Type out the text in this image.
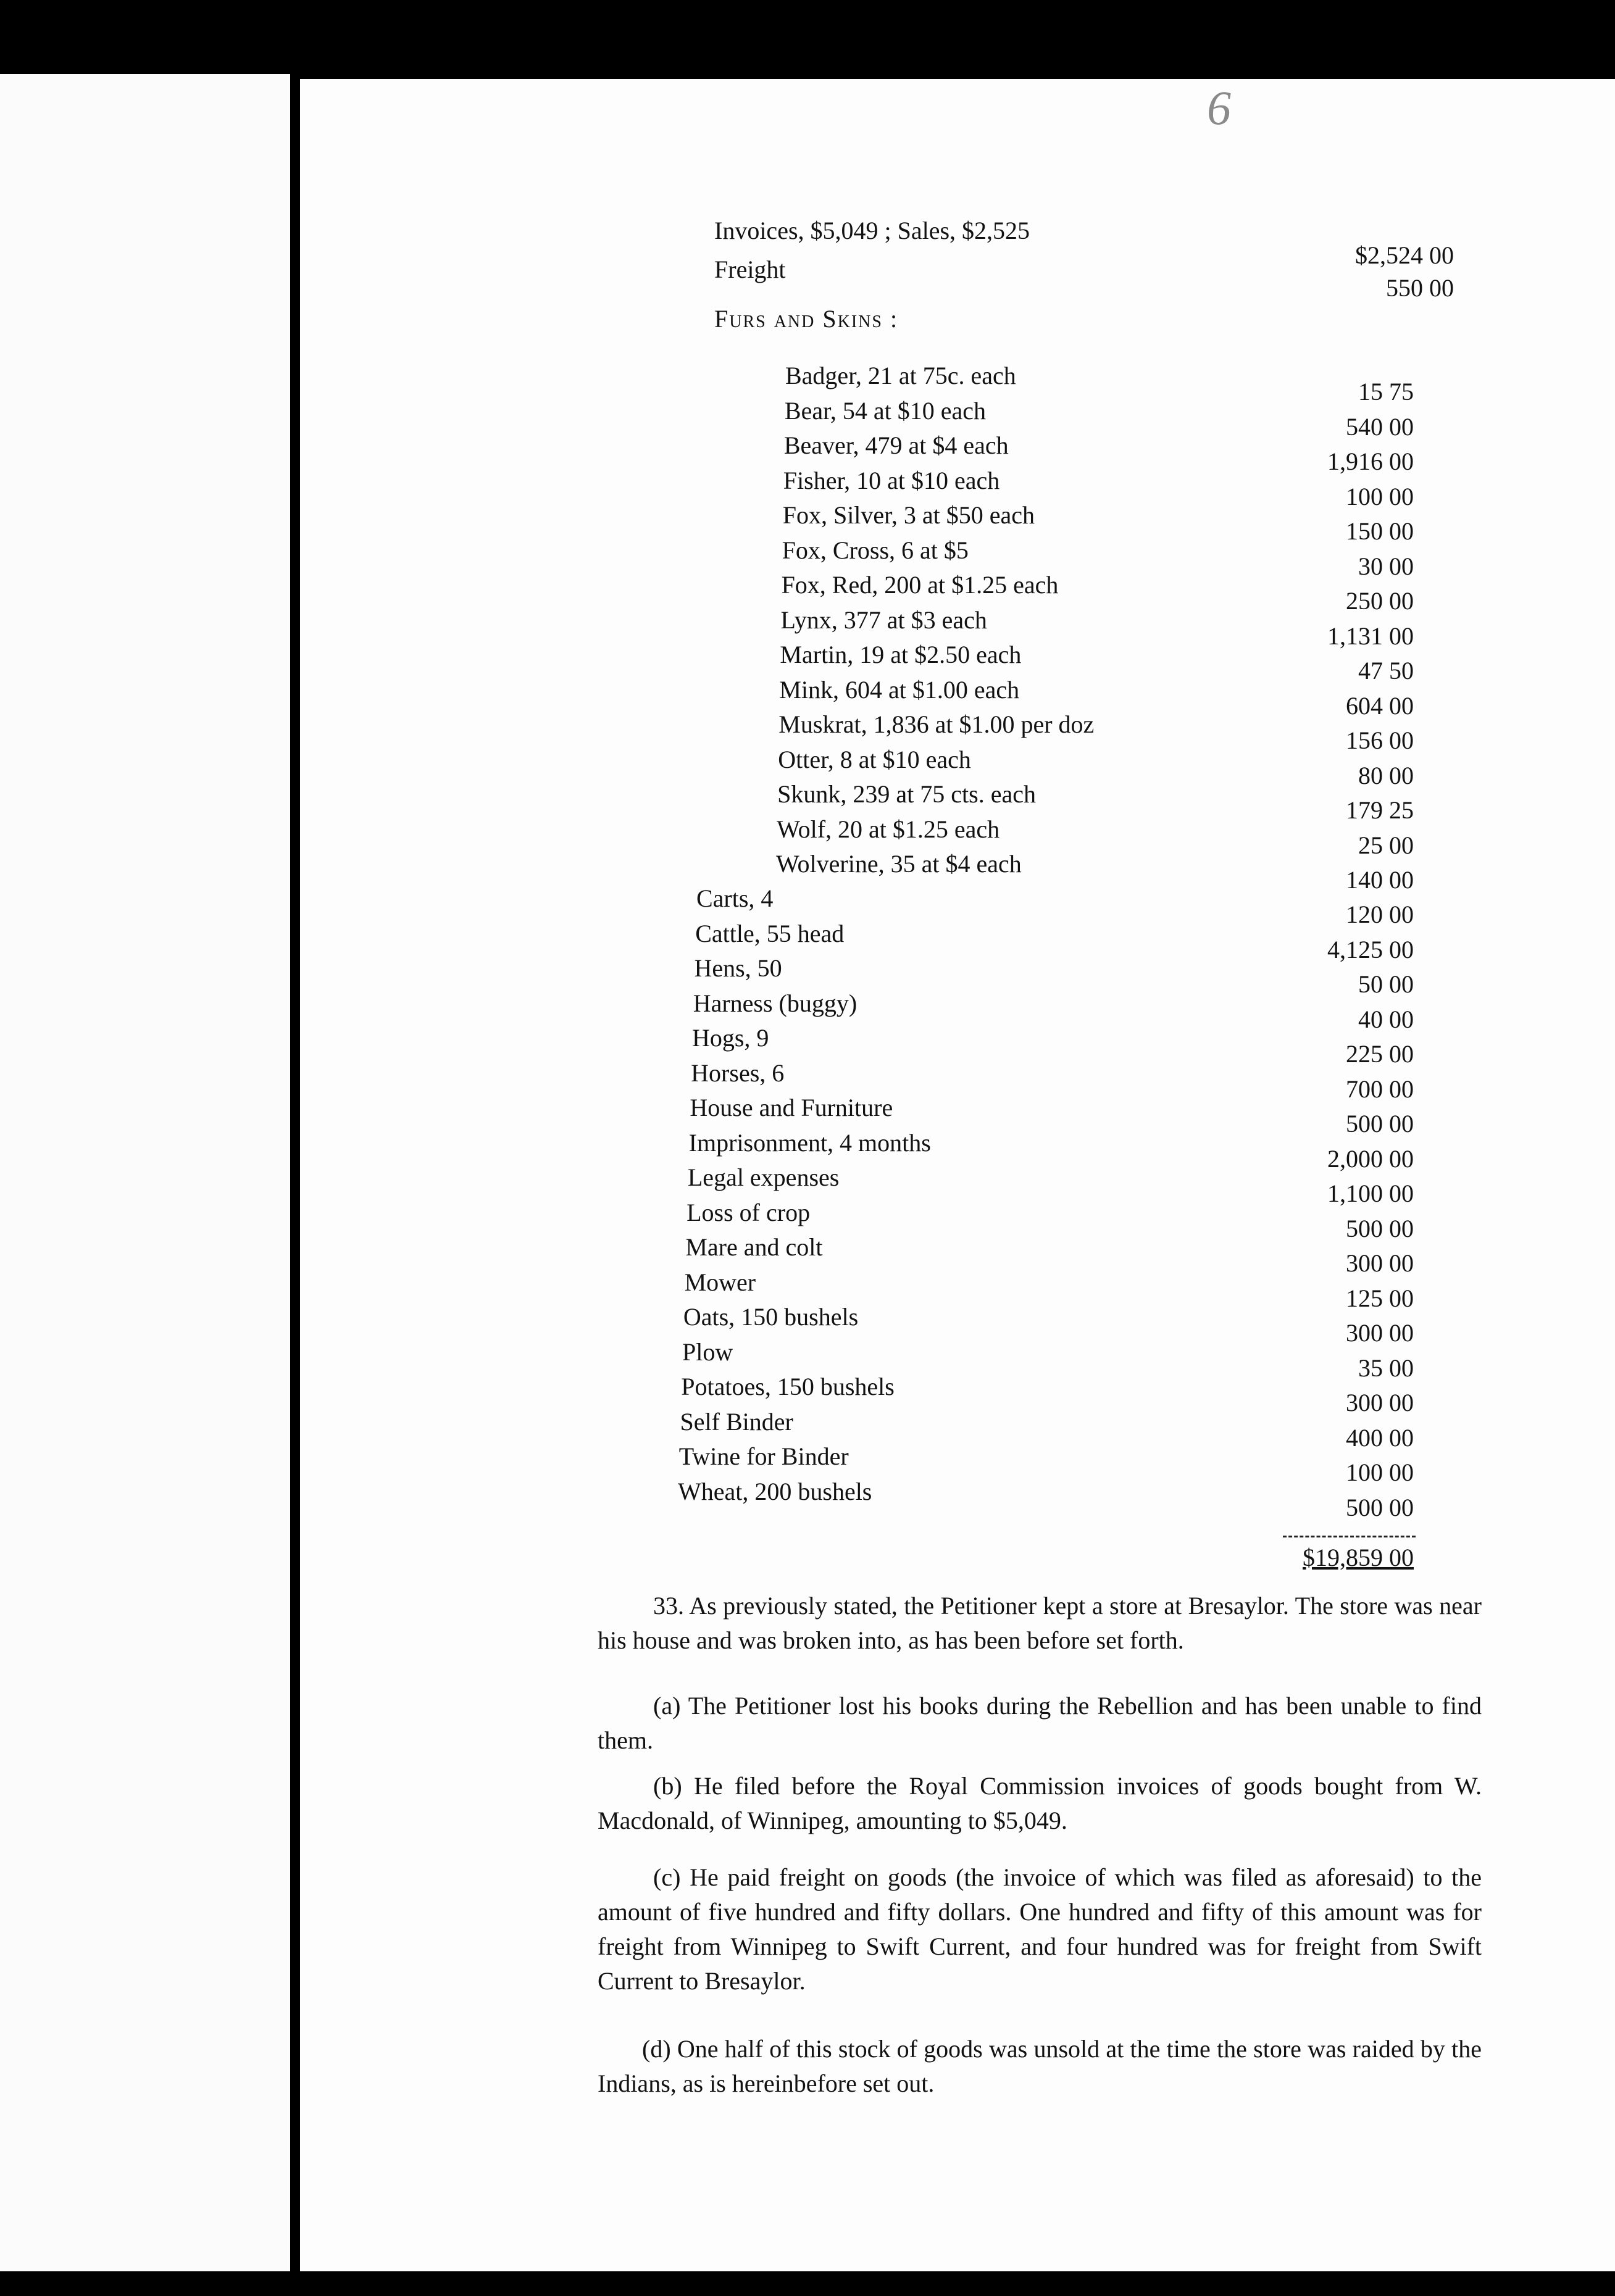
6
Invoices, $5,049 ; Sales, $2,525
$2,524 00
Freight
550 00
Furs and Skins :
Badger, 21 at 75c. each
15 75
Bear, 54 at $10 each
540 00
Beaver, 479 at $4 each
1,916 00
Fisher, 10 at $10 each
100 00
Fox, Silver, 3 at $50 each
150 00
Fox, Cross, 6 at $5
30 00
Fox, Red, 200 at $1.25 each
250 00
Lynx, 377 at $3 each
1,131 00
Martin, 19 at $2.50 each
47 50
Mink, 604 at $1.00 each
604 00
Muskrat, 1,836 at $1.00 per doz
156 00
Otter, 8 at $10 each
80 00
Skunk, 239 at 75 cts. each
179 25
Wolf, 20 at $1.25 each
25 00
Wolverine, 35 at $4 each
140 00
Carts, 4
120 00
Cattle, 55 head
4,125 00
Hens, 50
50 00
Harness (buggy)
40 00
Hogs, 9
225 00
Horses, 6
700 00
House and Furniture
500 00
Imprisonment, 4 months
2,000 00
Legal expenses
1,100 00
Loss of crop
500 00
Mare and colt
300 00
Mower
125 00
Oats, 150 bushels
300 00
Plow
35 00
Potatoes, 150 bushels
300 00
Self Binder
400 00
Twine for Binder
100 00
Wheat, 200 bushels
500 00
$19,859 00
33. As previously stated, the Petitioner kept a store at Bresaylor. The store was near his house and was broken into, as has been before set forth.
(a) The Petitioner lost his books during the Rebellion and has been unable to find them.
(b) He filed before the Royal Commission invoices of goods bought from W. Macdonald, of Winnipeg, amounting to $5,049.
(c) He paid freight on goods (the invoice of which was filed as aforesaid) to the amount of five hundred and fifty dollars. One hundred and fifty of this amount was for freight from Winnipeg to Swift Current, and four hundred was for freight from Swift Current to Bresaylor.
(d) One half of this stock of goods was unsold at the time the store was raided by the Indians, as is hereinbefore set out.
